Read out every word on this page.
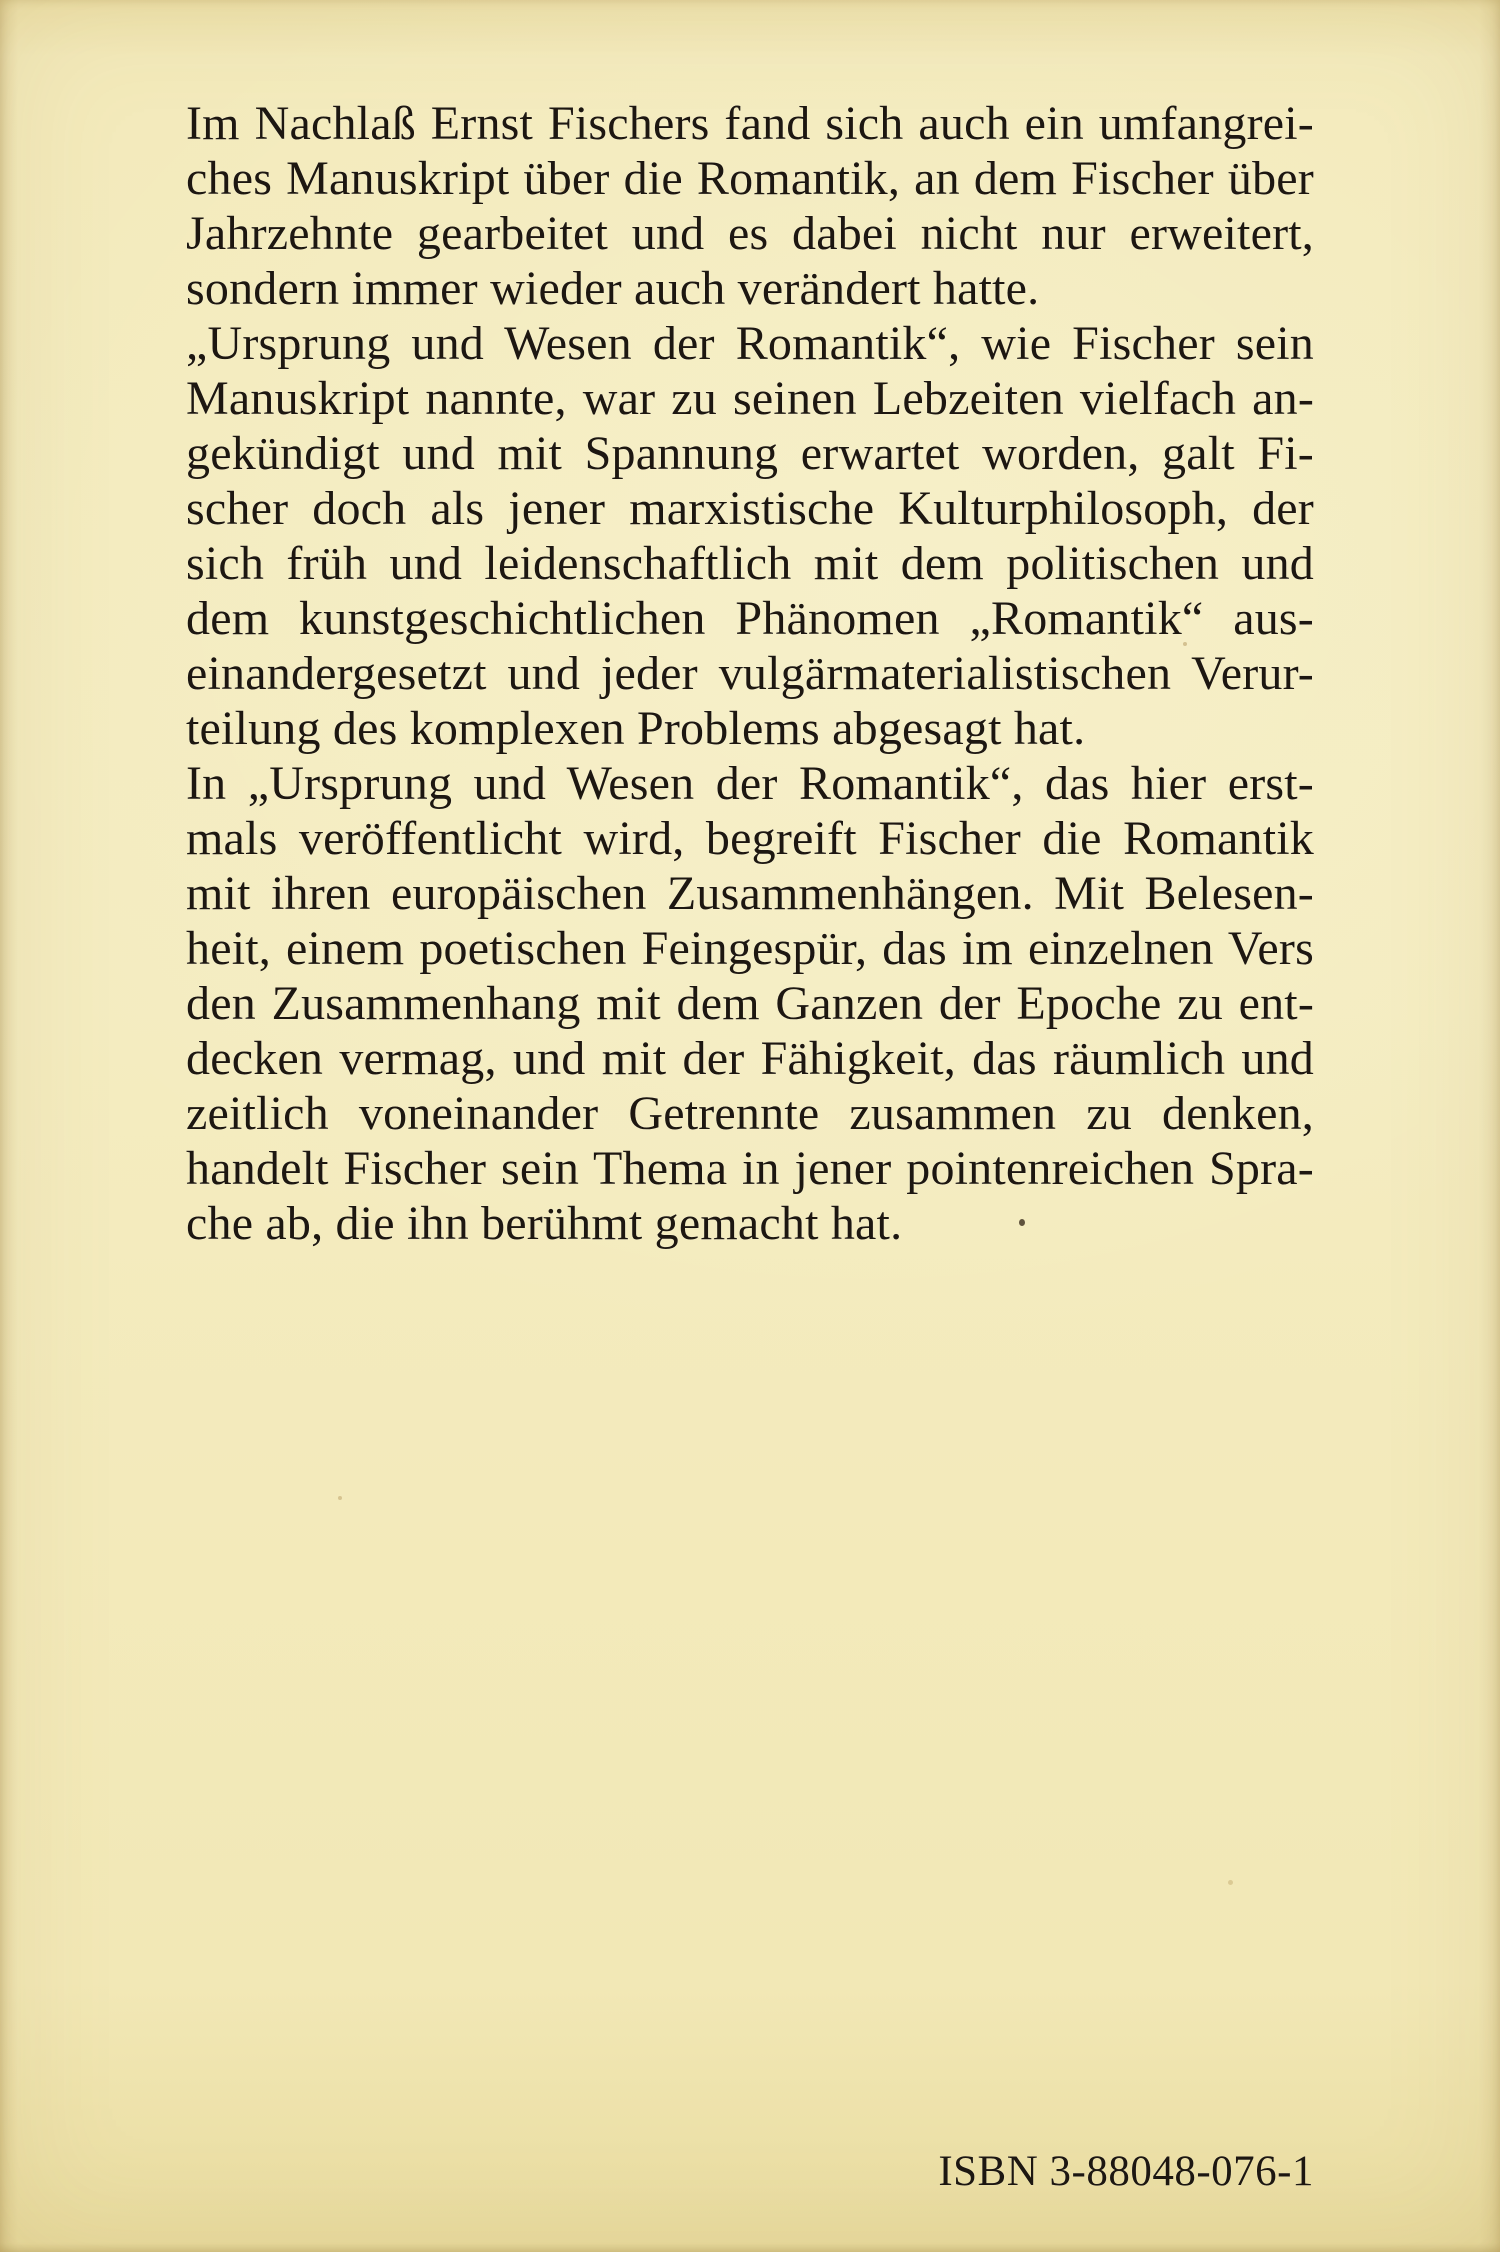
Im Nachlaß Ernst Fischers fand sich auch ein umfangrei-
ches Manuskript über die Romantik, an dem Fischer über
Jahrzehnte gearbeitet und es dabei nicht nur erweitert,
sondern immer wieder auch verändert hatte.

„Ursprung und Wesen der Romantik“, wie Fischer sein
Manuskript nannte, war zu seinen Lebzeiten vielfach an-
gekündigt und mit Spannung erwartet worden, galt Fi-
scher doch als jener marxistische Kulturphilosoph, der
sich früh und leidenschaftlich mit dem politischen und
dem kunstgeschichtlichen Phänomen „Romantik“ aus-
einandergesetzt und jeder vulgärmaterialistischen Verur-
teilung des komplexen Problems abgesagt hat.

In „Ursprung und Wesen der Romantik“, das hier erst-
mals veröffentlicht wird, begreift Fischer die Romantik
mit ihren europäischen Zusammenhängen. Mit Belesen-
heit, einem poetischen Feingespür, das im einzelnen Vers
den Zusammenhang mit dem Ganzen der Epoche zu ent-
decken vermag, und mit der Fähigkeit, das räumlich und
zeitlich voneinander Getrennte zusammen zu denken,
handelt Fischer sein Thema in jener pointenreichen Spra-
che ab, die ihn berühmt gemacht hat.

ISBN 3-88048-076-1
